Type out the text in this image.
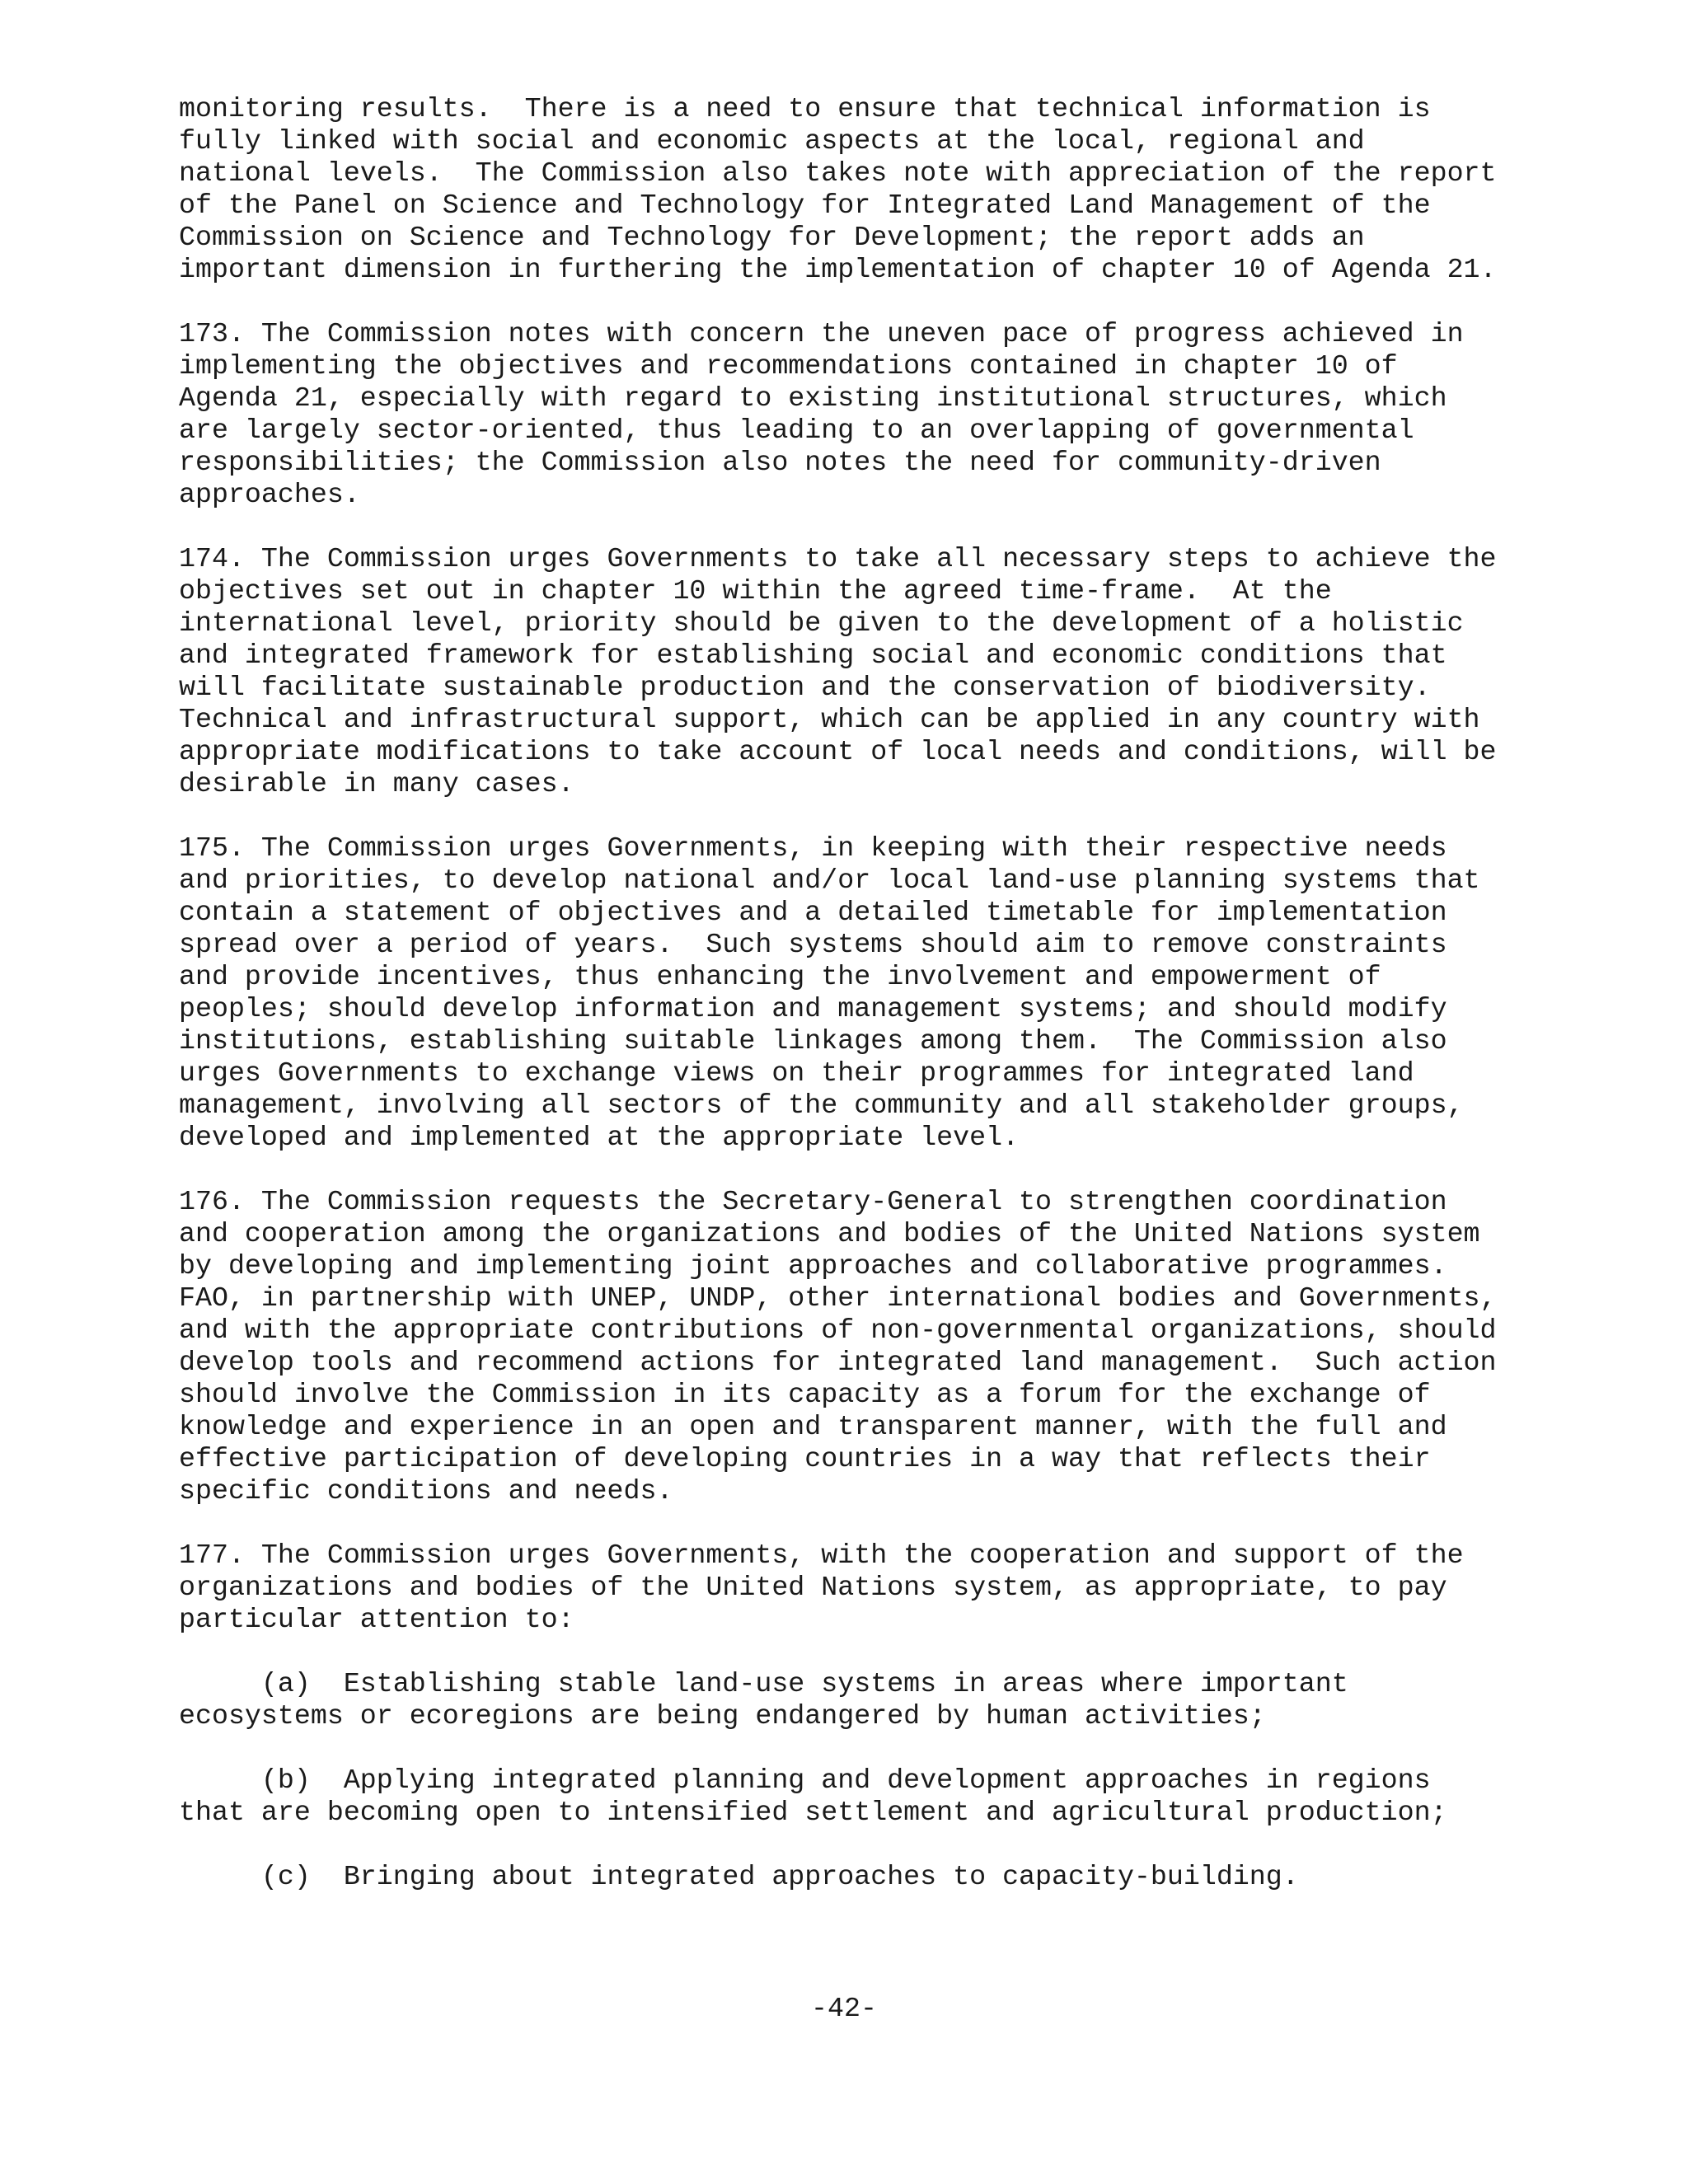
monitoring results.  There is a need to ensure that technical information is

fully linked with social and economic aspects at the local, regional and

national levels.  The Commission also takes note with appreciation of the report

of the Panel on Science and Technology for Integrated Land Management of the

Commission on Science and Technology for Development; the report adds an

important dimension in furthering the implementation of chapter 10 of Agenda 21.

173. The Commission notes with concern the uneven pace of progress achieved in

implementing the objectives and recommendations contained in chapter 10 of

Agenda 21, especially with regard to existing institutional structures, which

are largely sector-oriented, thus leading to an overlapping of governmental

responsibilities; the Commission also notes the need for community-driven

approaches.

174. The Commission urges Governments to take all necessary steps to achieve the

objectives set out in chapter 10 within the agreed time-frame.  At the

international level, priority should be given to the development of a holistic

and integrated framework for establishing social and economic conditions that

will facilitate sustainable production and the conservation of biodiversity.

Technical and infrastructural support, which can be applied in any country with

appropriate modifications to take account of local needs and conditions, will be

desirable in many cases.

175. The Commission urges Governments, in keeping with their respective needs

and priorities, to develop national and/or local land-use planning systems that

contain a statement of objectives and a detailed timetable for implementation

spread over a period of years.  Such systems should aim to remove constraints

and provide incentives, thus enhancing the involvement and empowerment of

peoples; should develop information and management systems; and should modify

institutions, establishing suitable linkages among them.  The Commission also

urges Governments to exchange views on their programmes for integrated land

management, involving all sectors of the community and all stakeholder groups,

developed and implemented at the appropriate level.

176. The Commission requests the Secretary-General to strengthen coordination

and cooperation among the organizations and bodies of the United Nations system

by developing and implementing joint approaches and collaborative programmes.

FAO, in partnership with UNEP, UNDP, other international bodies and Governments,

and with the appropriate contributions of non-governmental organizations, should

develop tools and recommend actions for integrated land management.  Such action

should involve the Commission in its capacity as a forum for the exchange of

knowledge and experience in an open and transparent manner, with the full and

effective participation of developing countries in a way that reflects their

specific conditions and needs.

177. The Commission urges Governments, with the cooperation and support of the

organizations and bodies of the United Nations system, as appropriate, to pay

particular attention to:

(a)  Establishing stable land-use systems in areas where important

ecosystems or ecoregions are being endangered by human activities;

(b)  Applying integrated planning and development approaches in regions

that are becoming open to intensified settlement and agricultural production;

(c)  Bringing about integrated approaches to capacity-building.

-42-
